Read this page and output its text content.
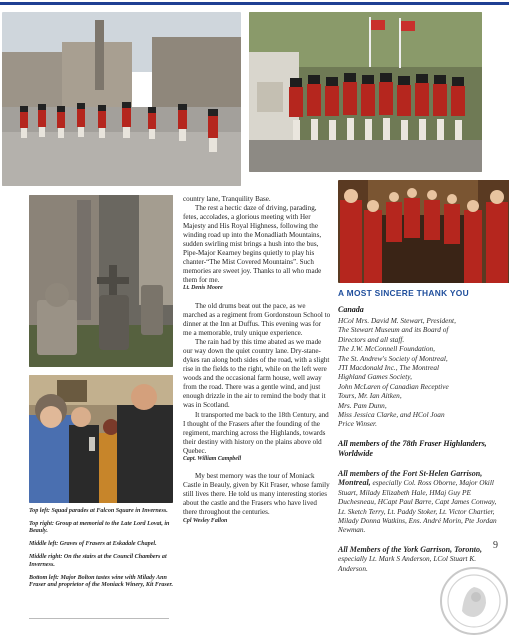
Top left: Squad parades at Falcon Square in Inverness.

Top right: Group at memorial to the Late Lord Lovat, in Beauly.

Middle left: Graves of Frasers at Eskadale Chapel.

Middle right: On the stairs at the Council Chambers at Inverness.

Bottom left: Major Bolton tastes wine with Milady Ann Fraser and proprietor of the Moniack Winery, Kit Fraser.

country lane, Tranquility Base.

The rest a hectic daze of driving, parading, fetes, accolades, a glorious meeting with Her Majesty and His Royal Highness, following the winding road up into the Monadliath Mountains, sudden swirling mist brings a hush into the bus, Pipe-Major Kearney begins quietly to play his chanter-“The Mist Covered Mountains”. Such memories are sweet joy. Thanks to all who made them for me.

Lt. Denis Moore

The old drums beat out the pace, as we marched as a regiment from Gordonstoun School to dinner at the Inn at Duffus. This evening was for me a memorable, truly unique experience.

The rain had by this time abated as we made our way down the quiet country lane. Dry-stane-dykes ran along both sides of the road, with a slight rise in the fields to the right, while on the left were woods and the occasional farm house, well away from the road. There was a gentle wind, and just enough drizzle in the air to remind the body that it was in Scotland.

It transported me back to the 18th Century, and I thought of the Frasers after the founding of the regiment, marching across the Highlands, towards their destiny with history on the plains above old Quebec.

Capt. William Campbell

My best memory was the tour of Moniack Castle in Beauly, given by Kit Fraser, whose family still lives there. He told us many interesting stories about the castle and the Frasers who have lived there throughout the centuries.

Cpl Wesley Fallon

A MOST SINCERE THANK YOU

Canada

HCol Mrs. David M. Stewart, President,

The Stewart Museum and its Board of

Directors and all staff.

The J.W. McConnell Foundation,

The St. Andrew's Society of Montreal,

JTI Macdonald Inc., The Montreal

Highland Games Society,

John McLaren of Canadian Receptive

Tours, Mr. Ian Aitken,

Mrs. Pam Dunn,

Miss Jessica Clarke, and HCol Joan

Price Winser.

All members of the 78th Fraser Highlanders, Worldwide

All members of the Fort St-Helen Garrison, Montreal, especially Col. Ross Oborne, Major Okill Stuart, Milady Elizabeth Hale, HMaj Guy PE Duchesneau, HCapt Paul Barre, Capt James Conway, Lt. Sketch Terry, Lt. Paddy Stoker, Lt. Victor Chartier, Milady Donna Watkins, Ens. André Morin, Pte Jordan Newman.

All Members of the York Garrison, Toronto, especially Lt. Mark S Anderson, LCol Stuart K. Anderson.

9
